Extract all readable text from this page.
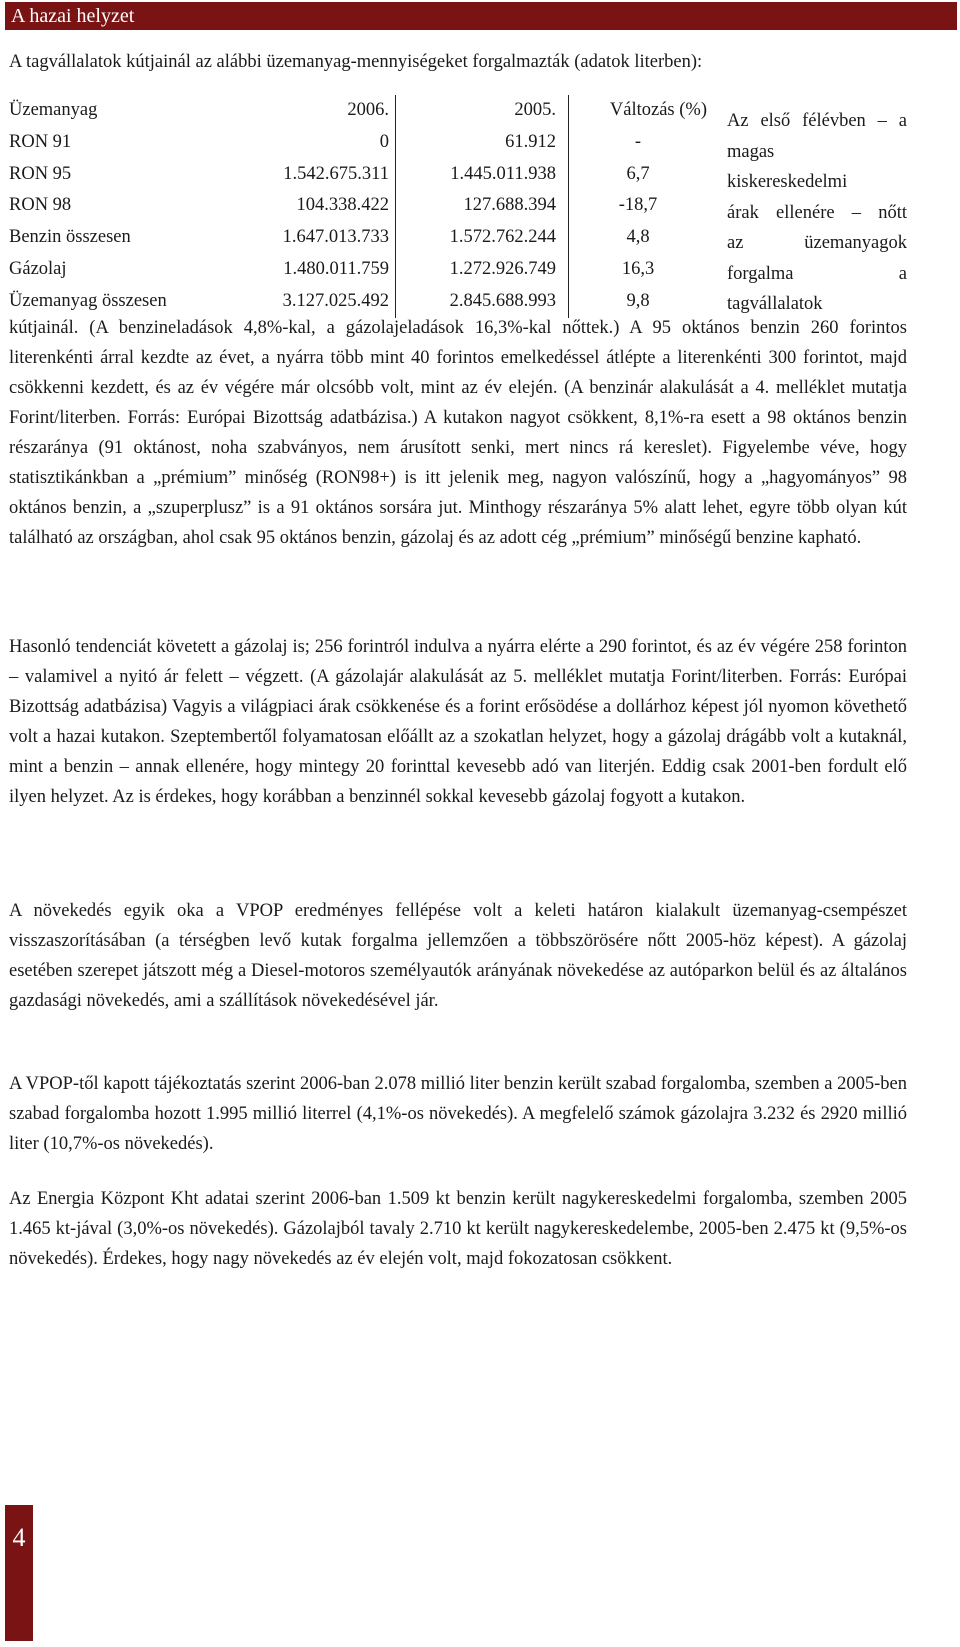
A hazai helyzet
A tagvállalatok kútjainál az alábbi üzemanyag-mennyiségeket forgalmazták (adatok literben):
Üzemanyag	2006.	2005.	Változás (%)
RON 91	0	61.912	-
RON 95	1.542.675.311	1.445.011.938	6,7
RON 98	104.338.422	127.688.394	-18,7
Benzin összesen	1.647.013.733	1.572.762.244	4,8
Gázolaj	1.480.011.759	1.272.926.749	16,3
Üzemanyag összesen	3.127.025.492	2.845.688.993	9,8
Az első félévben – a
magas
kiskereskedelmi
árak ellenére – nőtt
az üzemanyagok
forgalma a
tagvállalatok
kútjainál. (A benzineladások 4,8%-kal, a gázolajeladások 16,3%-kal nőttek.) A 95 oktános benzin 260 forintos literenkénti árral kezdte az évet, a nyárra több mint 40 forintos emelkedéssel átlépte a literenkénti 300 forintot, majd csökkenni kezdett, és az év végére már olcsóbb volt, mint az év elején. (A benzinár alakulását a 4. melléklet mutatja Forint/literben. Forrás: Európai Bizottság adatbázisa.) A kutakon nagyot csökkent, 8,1%-ra esett a 98 oktános benzin részaránya (91 oktánost, noha szabványos, nem árusított senki, mert nincs rá kereslet). Figyelembe véve, hogy statisztikánkban a „prémium” minőség (RON98+) is itt jelenik meg, nagyon valószínű, hogy a „hagyományos” 98 oktános benzin, a „szuperplusz” is a 91 oktános sorsára jut. Minthogy részaránya 5% alatt lehet, egyre több olyan kút található az országban, ahol csak 95 oktános benzin, gázolaj és az adott cég „prémium” minőségű benzine kapható.
Hasonló tendenciát követett a gázolaj is; 256 forintról indulva a nyárra elérte a 290 forintot, és az év végére 258 forinton – valamivel a nyitó ár felett – végzett. (A gázolajár alakulását az 5. melléklet mutatja Forint/literben. Forrás: Európai Bizottság adatbázisa) Vagyis a világpiaci árak csökkenése és a forint erősödése a dollárhoz képest jól nyomon követhető volt a hazai kutakon. Szeptembertől folyamatosan előállt az a szokatlan helyzet, hogy a gázolaj drágább volt a kutaknál, mint a benzin – annak ellenére, hogy mintegy 20 forinttal kevesebb adó van literjén. Eddig csak 2001-ben fordult elő ilyen helyzet. Az is érdekes, hogy korábban a benzinnél sokkal kevesebb gázolaj fogyott a kutakon.
A növekedés egyik oka a VPOP eredményes fellépése volt a keleti határon kialakult üzemanyag-csempészet visszaszorításában (a térségben levő kutak forgalma jellemzően a többszörösére nőtt 2005-höz képest). A gázolaj esetében szerepet játszott még a Diesel-motoros személyautók arányának növekedése az autóparkon belül és az általános gazdasági növekedés, ami a szállítások növekedésével jár.
A VPOP-től kapott tájékoztatás szerint 2006-ban 2.078 millió liter benzin került szabad forgalomba, szemben a 2005-ben szabad forgalomba hozott 1.995 millió literrel (4,1%-os növekedés). A megfelelő számok gázolajra 3.232 és 2920 millió liter (10,7%-os növekedés).
Az Energia Központ Kht adatai szerint 2006-ban 1.509 kt benzin került nagykereskedelmi forgalomba, szemben 2005 1.465 kt-jával (3,0%-os növekedés). Gázolajból tavaly 2.710 kt került nagykereskedelembe, 2005-ben 2.475 kt (9,5%-os növekedés). Érdekes, hogy nagy növekedés az év elején volt, majd fokozatosan csökkent.
4
